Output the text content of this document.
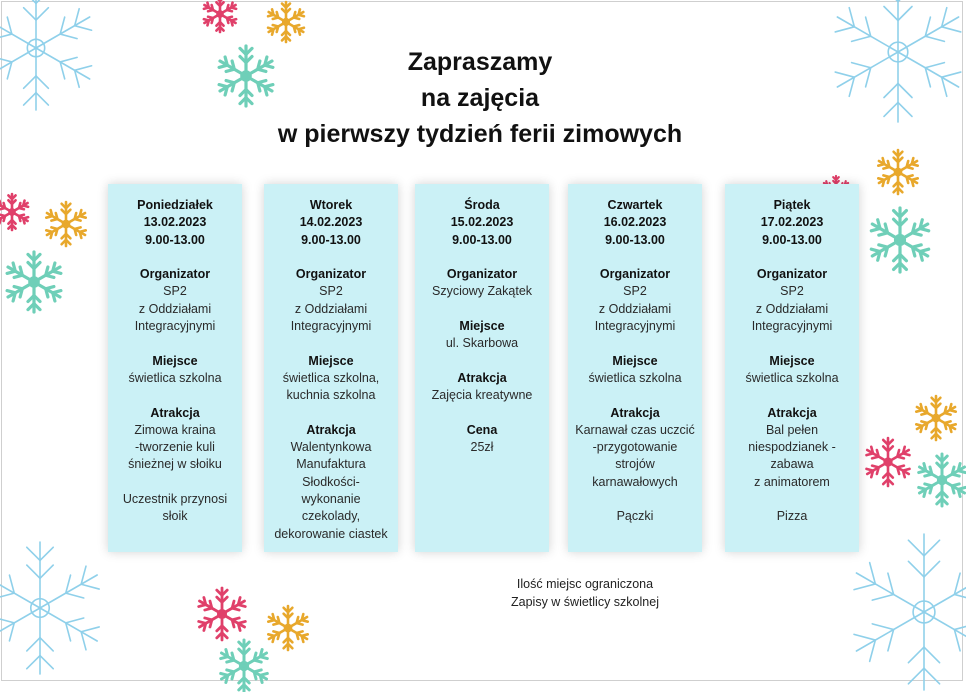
Zapraszamy
na zajęcia
w pierwszy tydzień ferii zimowych
Poniedziałek
13.02.2023
9.00-13.00
Organizator
SP2
z Oddziałami
Integracyjnymi
Miejsce
świetlica szkolna
Atrakcja
Zimowa kraina
-tworzenie kuli
śnieżnej w słoiku
Uczestnik przynosi
słoik
Wtorek
14.02.2023
9.00-13.00
Organizator
SP2
z Oddziałami
Integracyjnymi
Miejsce
świetlica szkolna,
kuchnia szkolna
Atrakcja
Walentynkowa
Manufaktura
Słodkości-
wykonanie
czekolady,
dekorowanie ciastek
Środa
15.02.2023
9.00-13.00
Organizator
Szyciowy Zakątek
Miejsce
ul. Skarbowa
Atrakcja
Zajęcia kreatywne
Cena
25zł
Czwartek
16.02.2023
9.00-13.00
Organizator
SP2
z Oddziałami
Integracyjnymi
Miejsce
świetlica szkolna
Atrakcja
Karnawał czas uczcić
-przygotowanie
strojów
karnawałowych
Pączki
Piątek
17.02.2023
9.00-13.00
Organizator
SP2
z Oddziałami
Integracyjnymi
Miejsce
świetlica szkolna
Atrakcja
Bal pełen
niespodzianek -
zabawa
z animatorem
Pizza
Ilość miejsc ograniczona
Zapisy w świetlicy szkolnej
